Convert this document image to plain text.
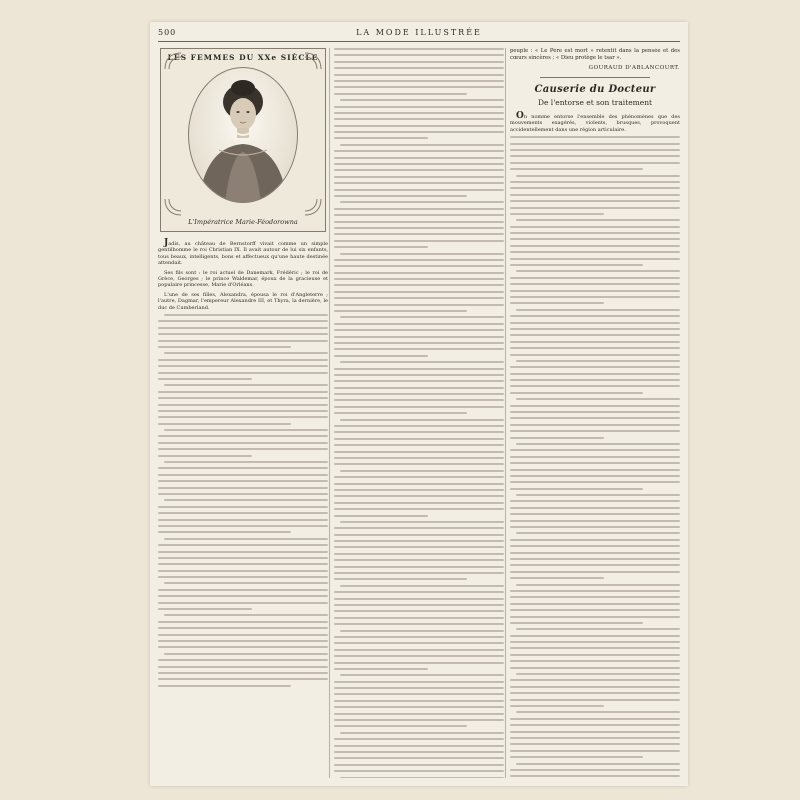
500	LA MODE ILLUSTRÉE
LES FEMMES DU XXe SIÈCLE
L'Impératrice Marie-Féodorowna

Jadis, au château de Bernstorff vivait comme un simple gentilhomme le roi Christian IX. Il avait autour de lui six enfants, tous beaux, intelligents, bons et affectueux qu'une haute destinée attendait.

Ses fils sont : le roi actuel de Danemark, Frédéric ; le roi de Grèce, Georges ; le prince Waldemar, époux de la gracieuse et populaire princesse, Marie d'Orléans.

L'une de ses filles, Alexandra, épousa le roi d'Angleterre ; l'autre, Dagmar, l'empereur Alexandre III, et Thyra, la dernière, le duc de Cumberland.

peuple : « Le Père est mort » retentit dans la pensée et des cœurs sincères ; « Dieu protège le tsar ».

GOURAUD D'ABLANCOURT.
Causerie du Docteur
De l'entorse et son traitement

On nomme entorse l'ensemble des phénomènes que des mouvements exagérés, violents, brusques, provoquent accidentellement dans une région articulaire.
